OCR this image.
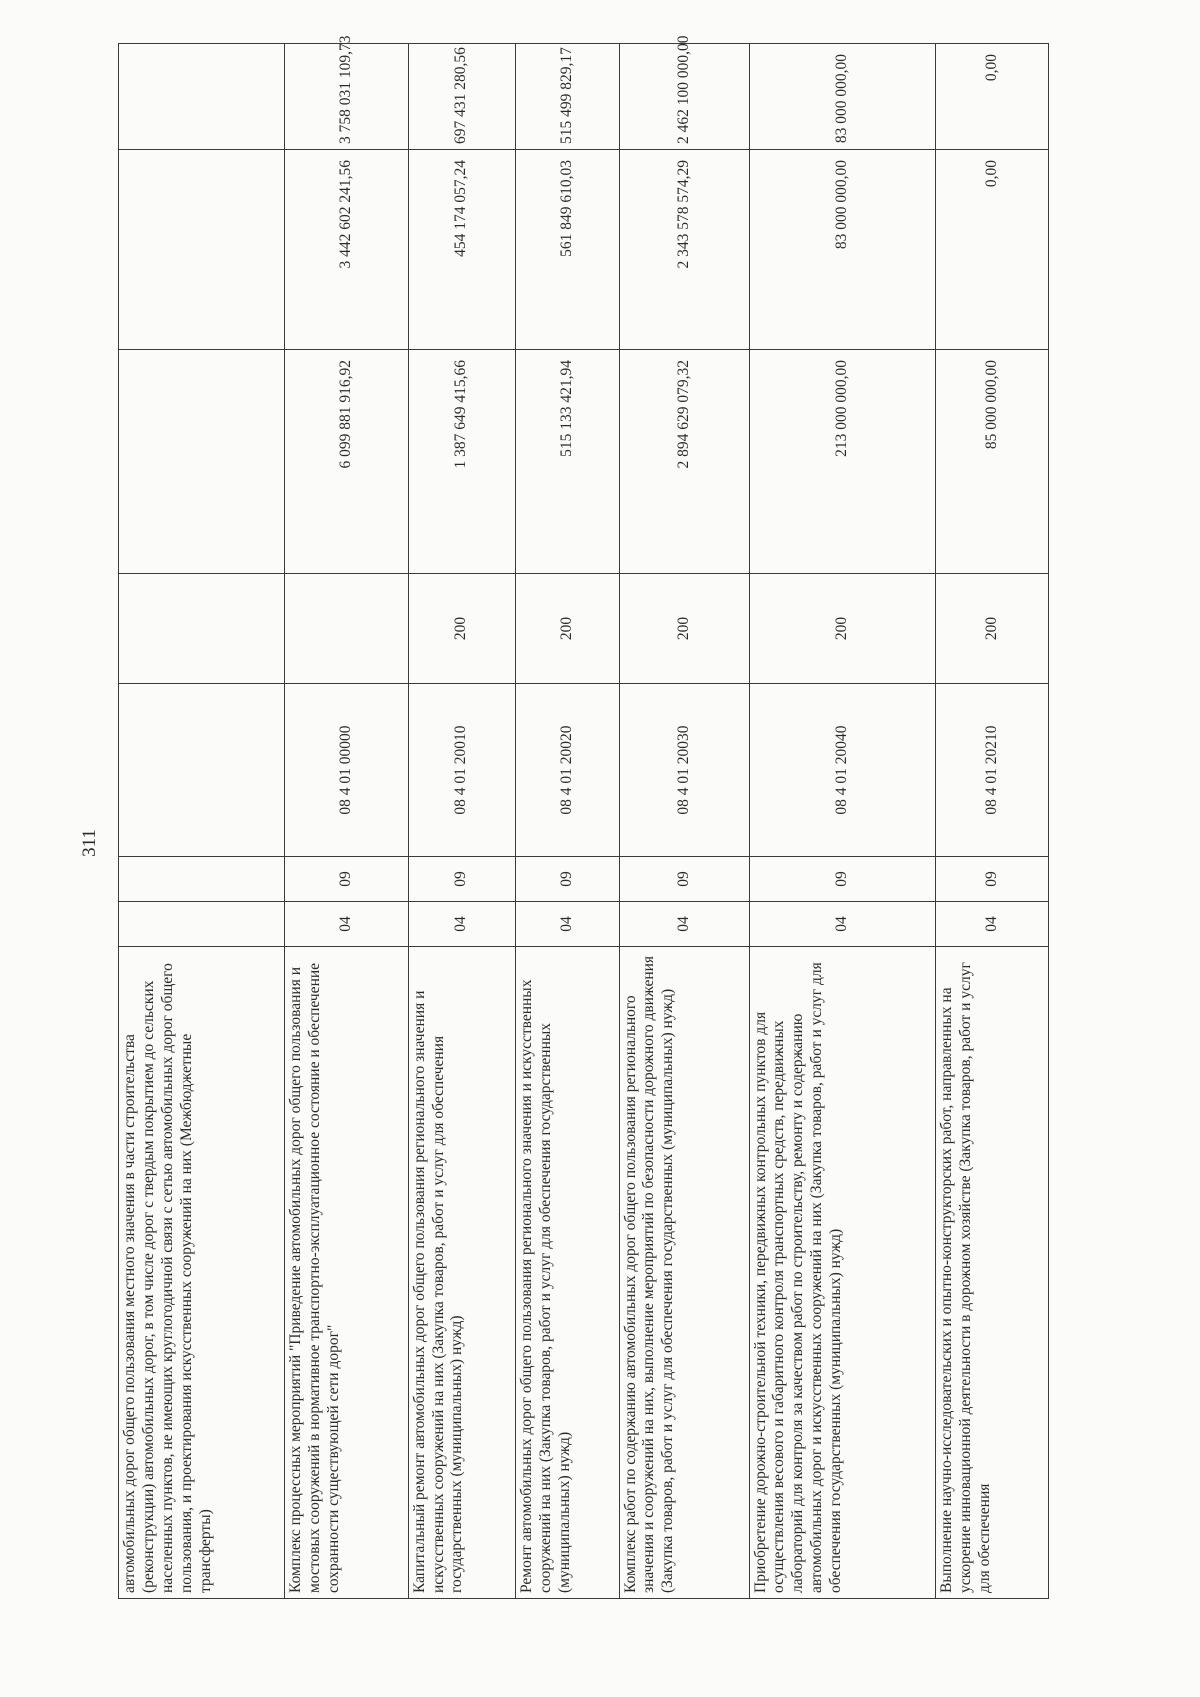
311
автомобильных дорог общего пользования местного значения в части строительства (реконструкции) автомобильных дорог, в том числе дорог с твердым покрытием до сельских населенных пунктов, не имеющих круглогодичной связи с сетью автомобильных дорог общего пользования, и проектирования искусственных сооружений на них (Межбюджетные трансферты)							
Комплекс процессных мероприятий "Приведение автомобильных дорог общего пользования и мостовых сооружений в нормативное транспортно-эксплуатационное состояние и обеспечение сохранности существующей сети дорог"	04	09	08 4 01 00000		6 099 881 916,92	3 442 602 241,56	3 758 031 109,73
Капитальный ремонт автомобильных дорог общего пользования регионального значения и искусственных сооружений на них (Закупка товаров, работ и услуг для обеспечения государственных (муниципальных) нужд)	04	09	08 4 01 20010	200	1 387 649 415,66	454 174 057,24	697 431 280,56
Ремонт автомобильных дорог общего пользования регионального значения и искусственных сооружений на них (Закупка товаров, работ и услуг для обеспечения государственных (муниципальных) нужд)	04	09	08 4 01 20020	200	515 133 421,94	561 849 610,03	515 499 829,17
Комплекс работ по содержанию автомобильных дорог общего пользования регионального значения и сооружений на них, выполнение мероприятий по безопасности дорожного движения (Закупка товаров, работ и услуг для обеспечения государственных (муниципальных) нужд)	04	09	08 4 01 20030	200	2 894 629 079,32	2 343 578 574,29	2 462 100 000,00
Приобретение дорожно-строительной техники, передвижных контрольных пунктов для осуществления весового и габаритного контроля транспортных средств, передвижных лабораторий для контроля за качеством работ по строительству, ремонту и содержанию автомобильных дорог и искусственных сооружений на них (Закупка товаров, работ и услуг для обеспечения государственных (муниципальных) нужд)	04	09	08 4 01 20040	200	213 000 000,00	83 000 000,00	83 000 000,00
Выполнение научно-исследовательских и опытно-конструкторских работ, направленных на ускорение инновационной деятельности в дорожном хозяйстве (Закупка товаров, работ и услуг для обеспечения	04	09	08 4 01 20210	200	85 000 000,00	0,00	0,00
